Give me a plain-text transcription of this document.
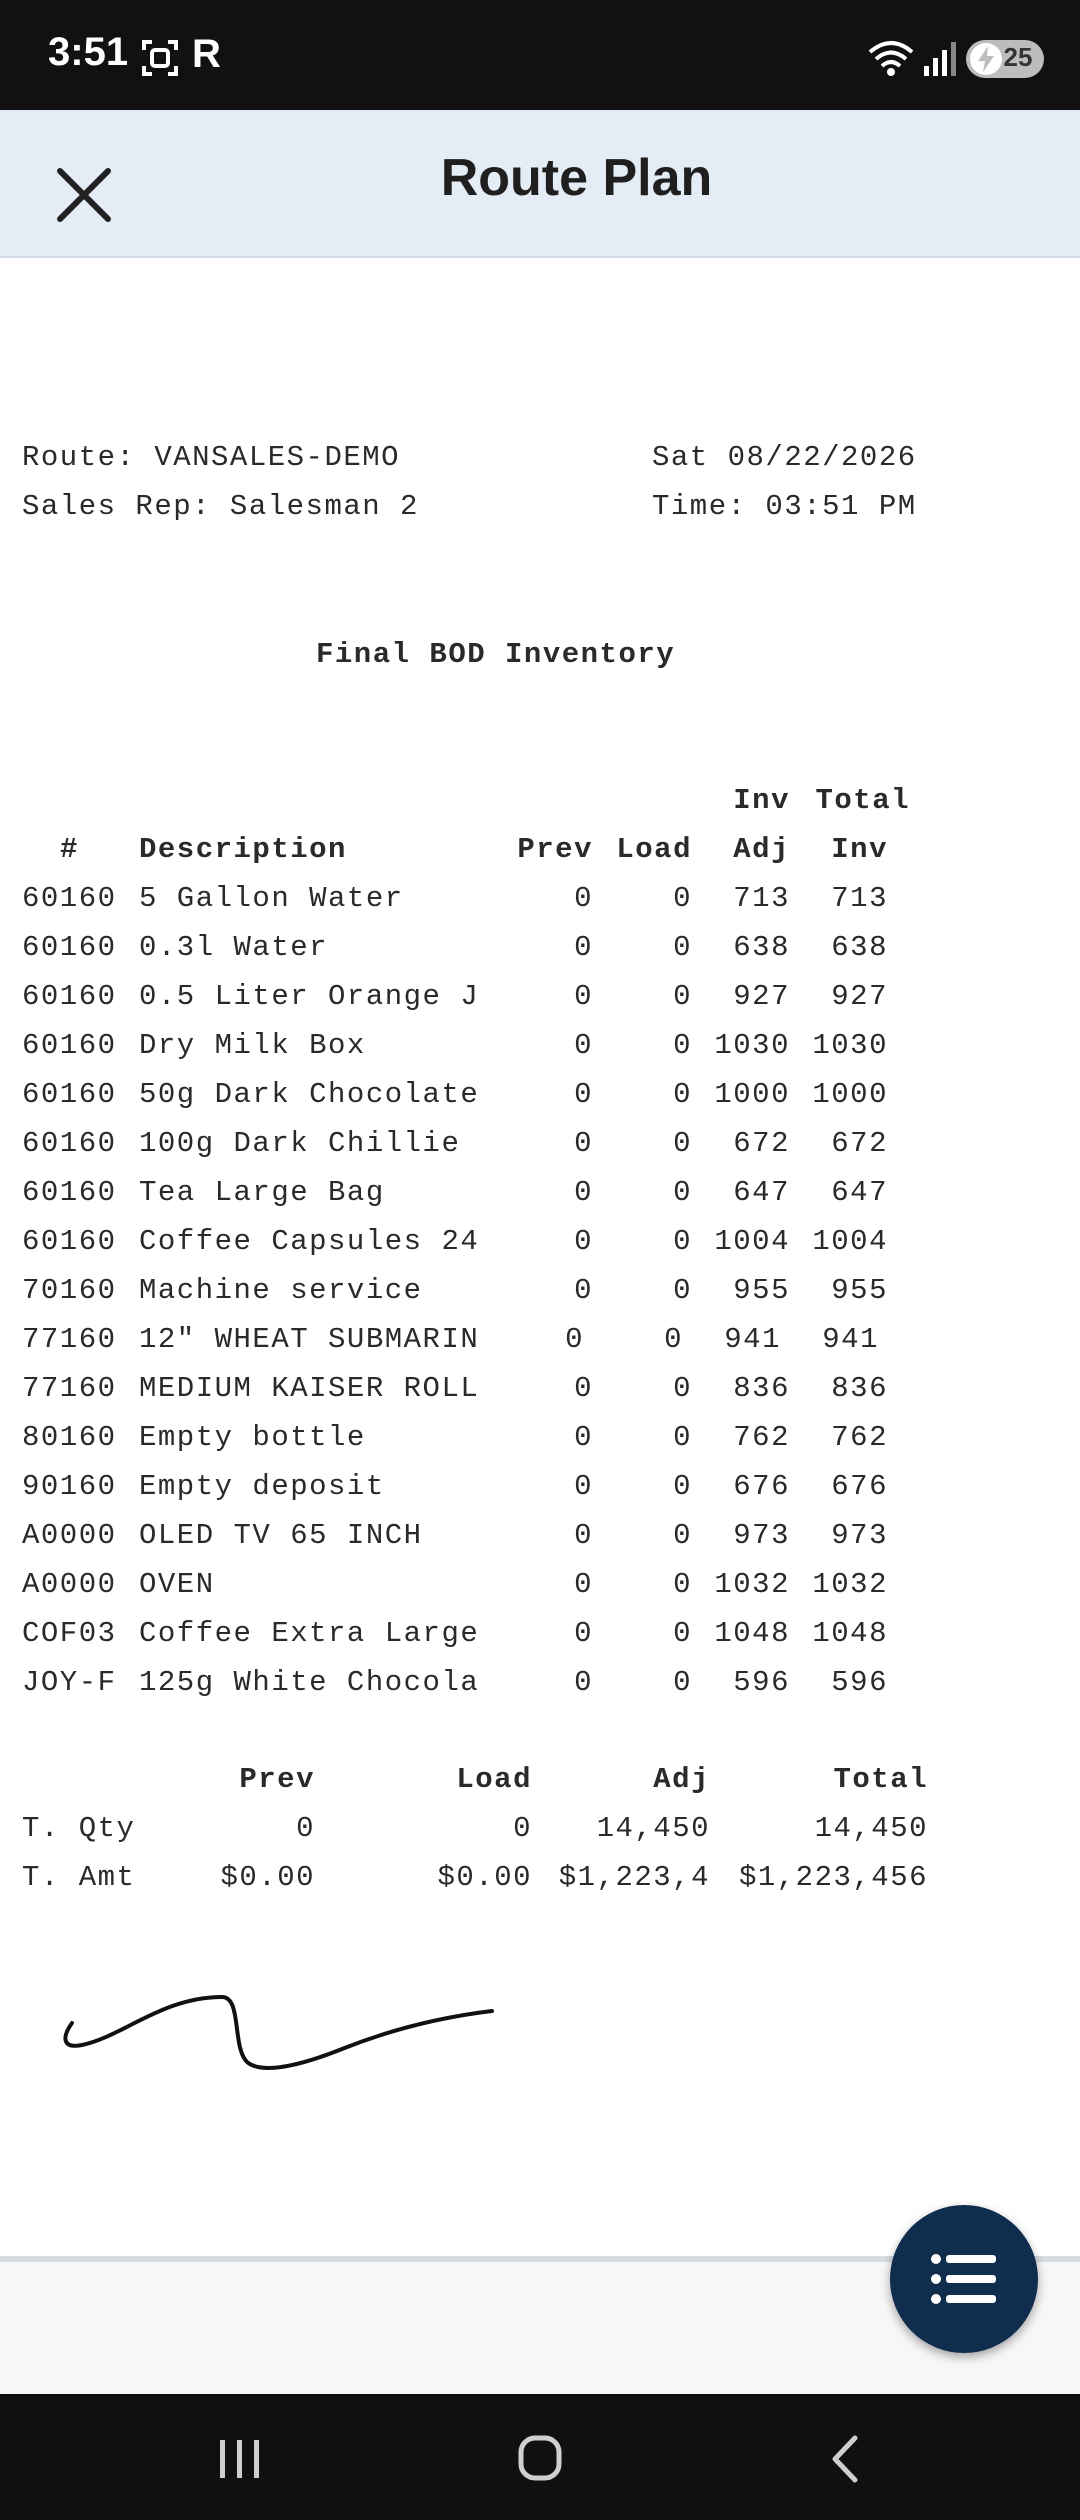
3:51 R	25
Route Plan
Route: VANSALES-DEMO	Sat 08/22/2026
Sales Rep: Salesman 2	Time: 03:51 PM
Final BOD Inventory
Inv Total
# Description	Prev Load	Adj	Inv
60160 5 Gallon Water	0	0	713	713
60160 0.3l Water	0	0	638	638
60160 0.5 Liter Orange J	0	0	927	927
60160 Dry Milk Box	0	0 1030 1030
60160 50g Dark Chocolate	0	0 1000 1000
60160 100g Dark Chillie	0	0	672	672
60160 Tea Large Bag	0	0	647	647
60160 Coffee Capsules 24	0	0 1004 1004
70160 Machine service	0	0	955	955
77160 12" WHEAT SUBMARIN	0	0	941	941
77160 MEDIUM KAISER ROLL	0	0	836	836
80160 Empty bottle	0	0	762	762
90160 Empty deposit	0	0	676	676
A0000 OLED TV 65 INCH	0	0	973	973
A0000 OVEN	0	0 1032 1032
COF03 Coffee Extra Large	0	0 1048 1048
JOY-F 125g White Chocola	0	0	596	596
Prev	Load	Adj	Total
T. Qty	0	0	14,450	14,450
T. Amt	$0.00	$0.00 $1,223,4 $1,223,456
